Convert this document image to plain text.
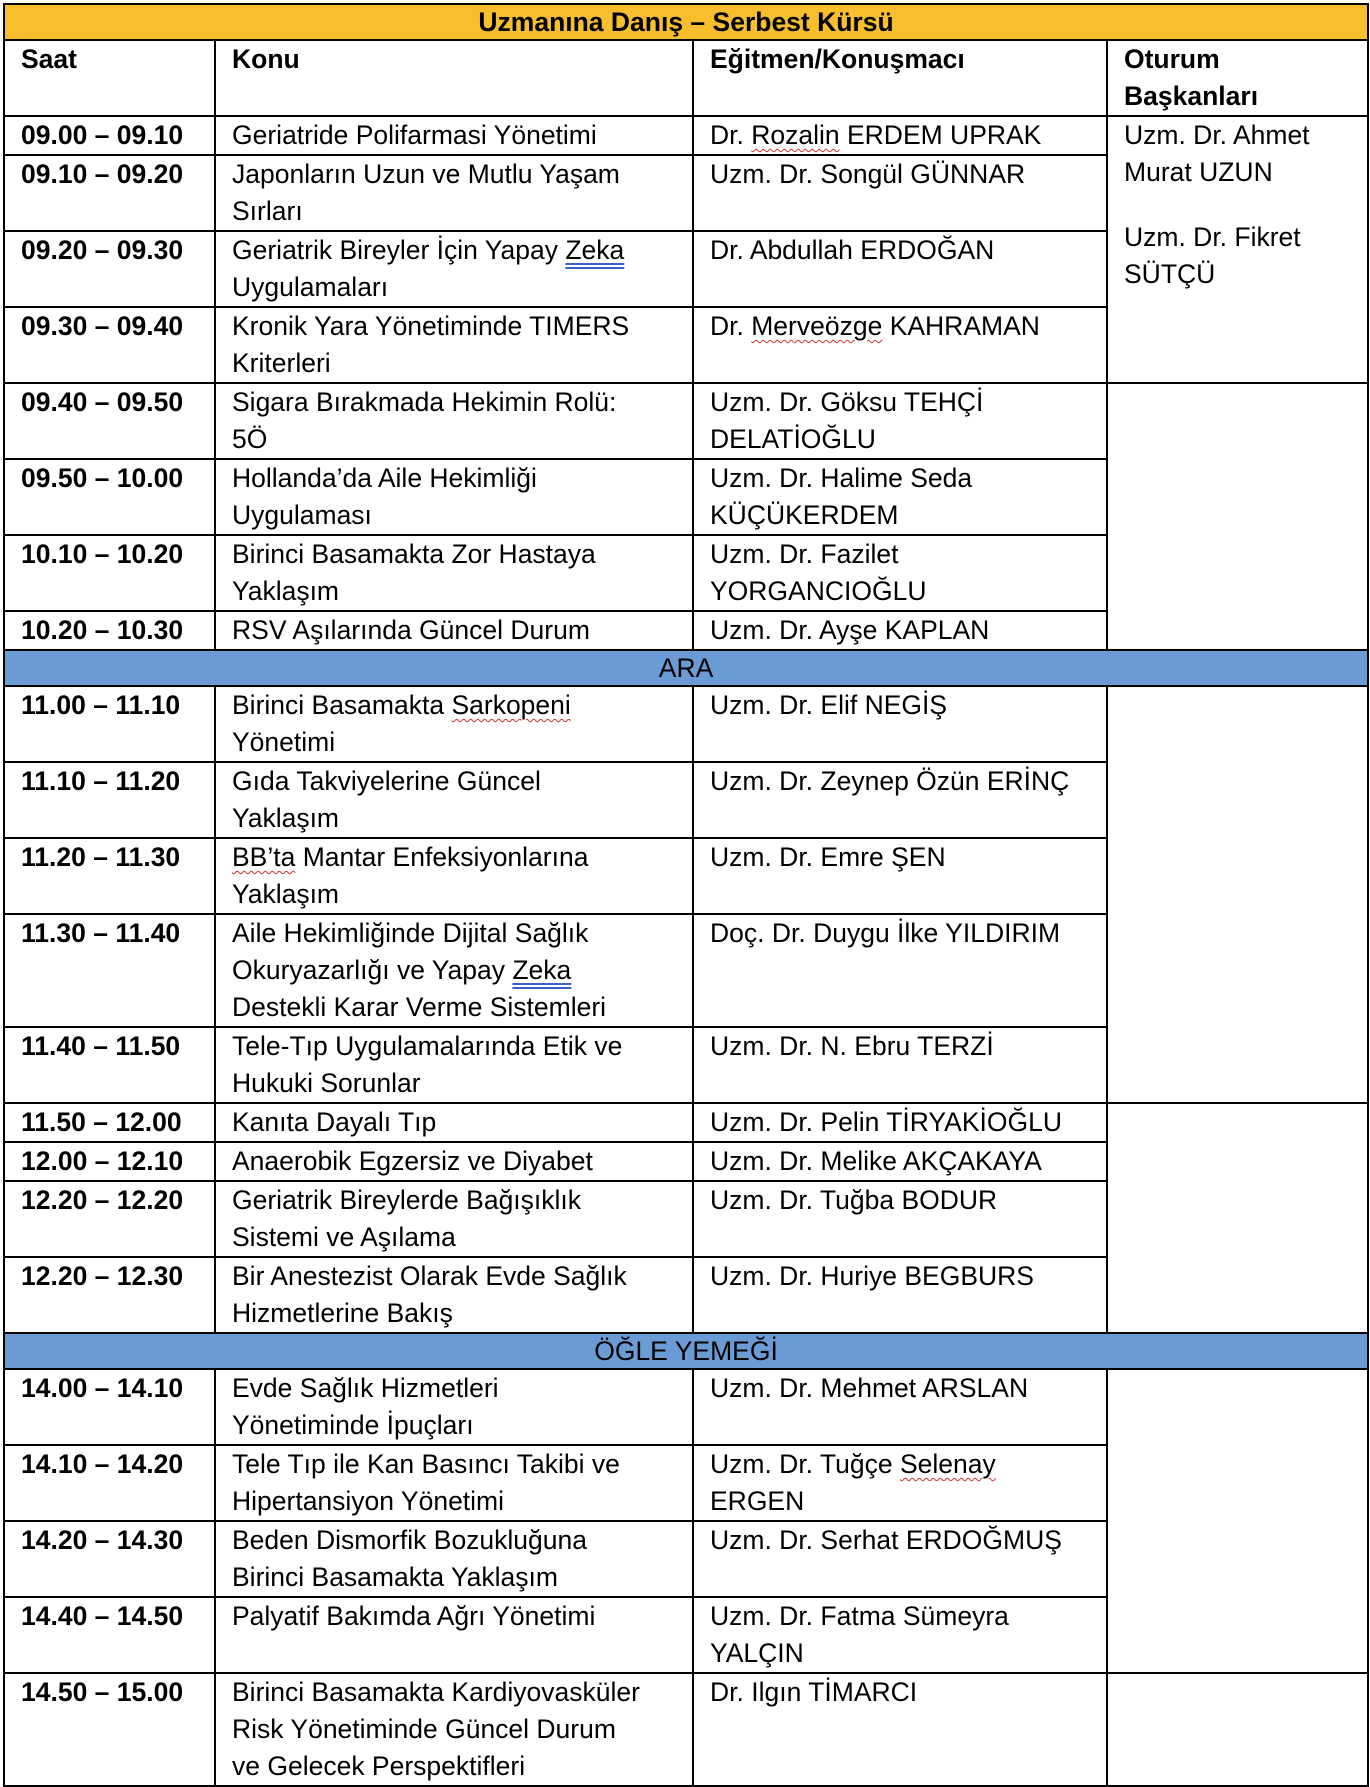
Uzmanına Danış – Serbest Kürsü			
Saat	Konu	Eğitmen/Konuşmacı	Oturum
Başkanları
09.00 – 09.10	Geriatride Polifarmasi Yönetimi	Dr. Rozalin ERDEM UPRAK	Uzm. Dr. Ahmet
Murat UZUN
Uzm. Dr. Fikret
SÜTÇÜ

09.10 – 09.20	Japonların Uzun ve Mutlu Yaşam
Sırları	Uzm. Dr. Songül GÜNNAR	
09.20 – 09.30	Geriatrik Bireyler İçin Yapay Zeka
Uygulamaları	Dr. Abdullah ERDOĞAN	
09.30 – 09.40	Kronik Yara Yönetiminde TIMERS
Kriterleri	Dr. Merveözge KAHRAMAN	
09.40 – 09.50	Sigara Bırakmada Hekimin Rolü:
5Ö	Uzm. Dr. Göksu TEHÇİ
DELATİOĞLU	
09.50 – 10.00	Hollanda’da Aile Hekimliği
Uygulaması	Uzm. Dr. Halime Seda
KÜÇÜKERDEM	
10.10 – 10.20	Birinci Basamakta Zor Hastaya
Yaklaşım	Uzm. Dr. Fazilet
YORGANCIOĞLU	
10.20 – 10.30	RSV Aşılarında Güncel Durum	Uzm. Dr. Ayşe KAPLAN	
ARA			
11.00 – 11.10	Birinci Basamakta Sarkopeni
Yönetimi	Uzm. Dr. Elif NEGİŞ	
11.10 – 11.20	Gıda Takviyelerine Güncel
Yaklaşım	Uzm. Dr. Zeynep Özün ERİNÇ	
11.20 – 11.30	BB’ta Mantar Enfeksiyonlarına
Yaklaşım	Uzm. Dr. Emre ŞEN	
11.30 – 11.40	Aile Hekimliğinde Dijital Sağlık
Okuryazarlığı ve Yapay Zeka
Destekli Karar Verme Sistemleri	Doç. Dr. Duygu İlke YILDIRIM	
11.40 – 11.50	Tele-Tıp Uygulamalarında Etik ve
Hukuki Sorunlar	Uzm. Dr. N. Ebru TERZİ	
11.50 – 12.00	Kanıta Dayalı Tıp	Uzm. Dr. Pelin TİRYAKİOĞLU	
12.00 – 12.10	Anaerobik Egzersiz ve Diyabet	Uzm. Dr. Melike AKÇAKAYA	
12.20 – 12.20	Geriatrik Bireylerde Bağışıklık
Sistemi ve Aşılama	Uzm. Dr. Tuğba BODUR	
12.20 – 12.30	Bir Anestezist Olarak Evde Sağlık
Hizmetlerine Bakış	Uzm. Dr. Huriye BEGBURS	
ÖĞLE YEMEĞİ			
14.00 – 14.10	Evde Sağlık Hizmetleri
Yönetiminde İpuçları	Uzm. Dr. Mehmet ARSLAN	
14.10 – 14.20	Tele Tıp ile Kan Basıncı Takibi ve
Hipertansiyon Yönetimi	Uzm. Dr. Tuğçe Selenay
ERGEN	
14.20 – 14.30	Beden Dismorfik Bozukluğuna
Birinci Basamakta Yaklaşım	Uzm. Dr. Serhat ERDOĞMUŞ	
14.40 – 14.50	Palyatif Bakımda Ağrı Yönetimi	Uzm. Dr. Fatma Sümeyra
YALÇIN	
14.50 – 15.00	Birinci Basamakta Kardiyovasküler
Risk Yönetiminde Güncel Durum
ve Gelecek Perspektifleri	Dr. Ilgın TİMARCI	
